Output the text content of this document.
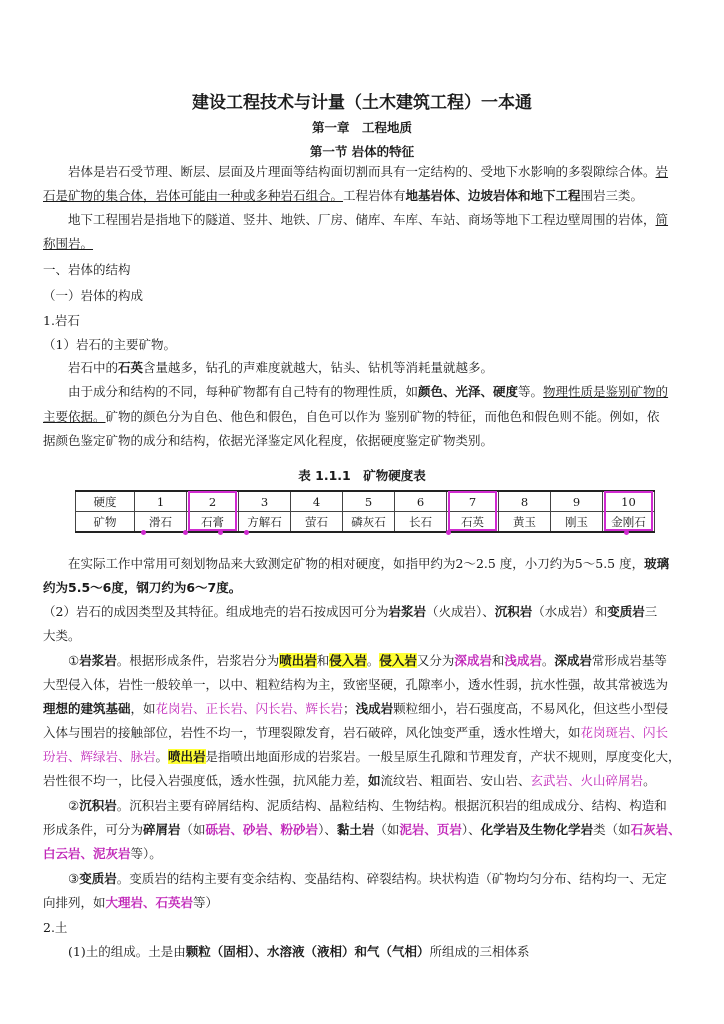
建设工程技术与计量（土木建筑工程）一本通
第一章　工程地质
第一节 岩体的特征
岩体是岩石受节理、断层、层面及片理面等结构面切割而具有一定结构的、受地下水影响的多裂隙综合体。岩
石是矿物的集合体，岩体可能由一种或多种岩石组合。工程岩体有地基岩体、边坡岩体和地下工程围岩三类。
地下工程围岩是指地下的隧道、竖井、地铁、厂房、储库、车库、车站、商场等地下工程边壁周围的岩体，简
称围岩。
一、岩体的结构
（一）岩体的构成
1.岩石
（1）岩石的主要矿物。
岩石中的石英含量越多，钻孔的声难度就越大，钻头、钻机等消耗量就越多。
由于成分和结构的不同，每种矿物都有自己特有的物理性质，如颜色、光泽、硬度等。物理性质是鉴别矿物的
主要依据。矿物的颜色分为自色、他色和假色，自色可以作为 鉴别矿物的特征，而他色和假色则不能。例如，依
据颜色鉴定矿物的成分和结构，依据光泽鉴定风化程度，依据硬度鉴定矿物类别。
表 1.1.1　矿物硬度表
硬度	1	2	3	4	5	6	7	8	9	10

矿物	滑石	石膏	方解石	萤石	磷灰石	长石	石英	黄玉	刚玉	金刚石
在实际工作中常用可刻划物品来大致测定矿物的相对硬度，如指甲约为2～2.5 度，小刀约为5～5.5 度，玻璃
约为5.5～6度，钢刀约为6～7度。
（2）岩石的成因类型及其特征。组成地壳的岩石按成因可分为岩浆岩（火成岩）、沉积岩（水成岩）和变质岩三
大类。
①岩浆岩。根据形成条件，岩浆岩分为喷出岩和侵入岩。侵入岩又分为深成岩和浅成岩。深成岩常形成岩基等
大型侵入体，岩性一般较单一，以中、粗粒结构为主，致密坚硬，孔隙率小，透水性弱，抗水性强，故其常被选为
理想的建筑基础，如花岗岩、正长岩、闪长岩、辉长岩；浅成岩颗粒细小，岩石强度高，不易风化，但这些小型侵
入体与围岩的接触部位，岩性不均一，节理裂隙发育，岩石破碎，风化蚀变严重，透水性增大，如花岗斑岩、闪长
玢岩、辉绿岩、脉岩。喷出岩是指喷出地面形成的岩浆岩。一般呈原生孔隙和节理发育，产状不规则，厚度变化大，
岩性很不均一，比侵入岩强度低，透水性强，抗风能力差，如流纹岩、粗面岩、安山岩、玄武岩、火山碎屑岩。
②沉积岩。沉积岩主要有碎屑结构、泥质结构、晶粒结构、生物结构。根据沉积岩的组成成分、结构、构造和
形成条件，可分为碎屑岩（如砾岩、砂岩、粉砂岩）、黏土岩（如泥岩、页岩）、化学岩及生物化学岩类（如石灰岩、
白云岩、泥灰岩等）。
③变质岩。变质岩的结构主要有变余结构、变晶结构、碎裂结构。块状构造（矿物均匀分布、结构均一、无定
向排列，如大理岩、石英岩等）
2.土
(1)土的组成。土是由颗粒（固相）、水溶液（液相）和气（气相）所组成的三相体系
